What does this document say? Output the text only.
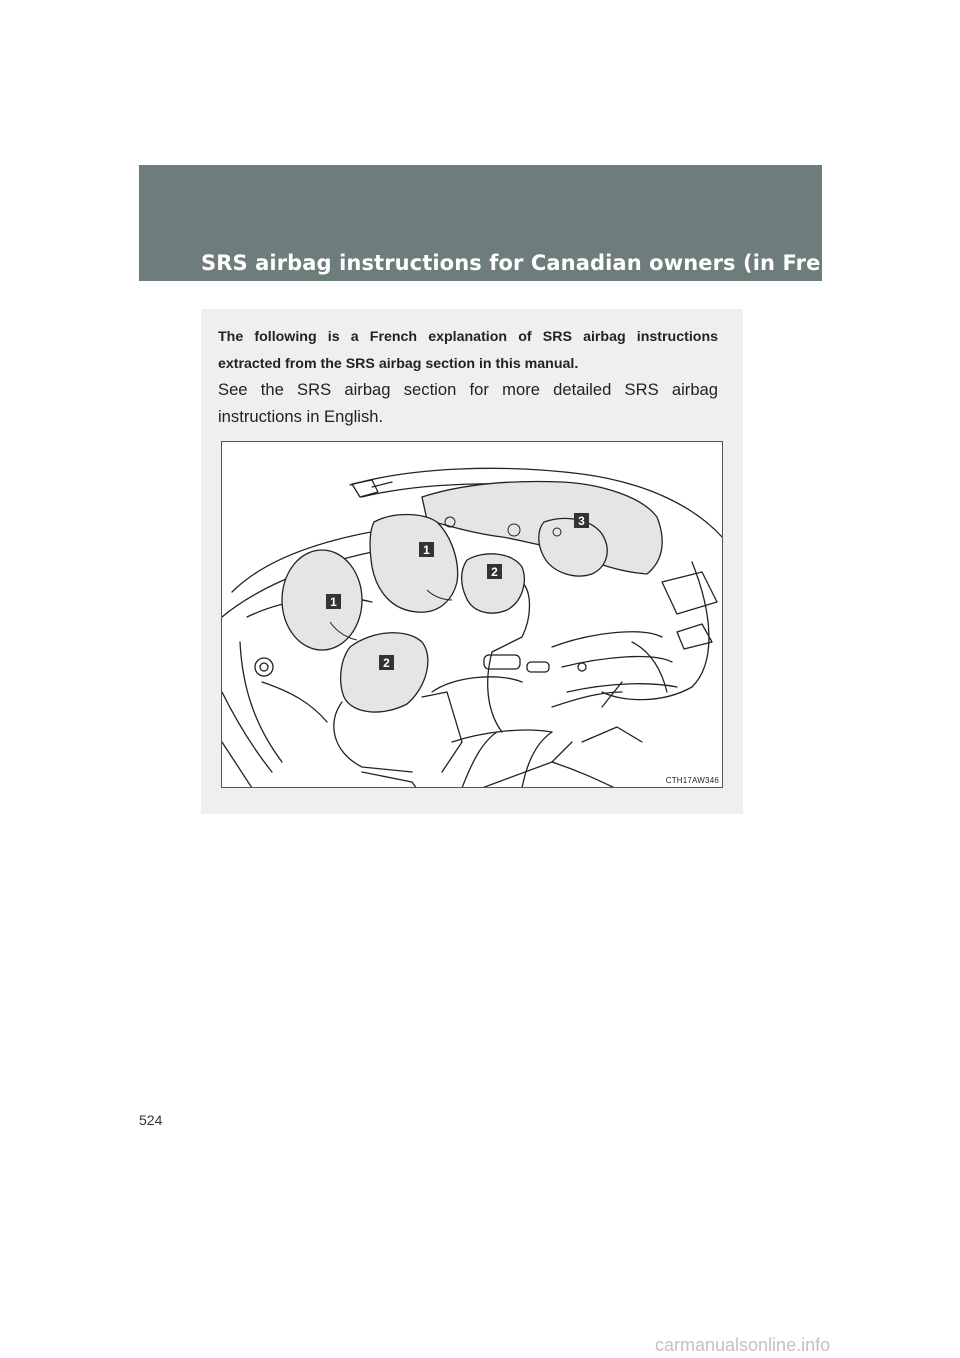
SRS airbag instructions for Canadian owners (in French)

The following is a French explanation of SRS airbag instructions extracted from the SRS airbag section in this manual.

See the SRS airbag section for more detailed SRS airbag instructions in English.

1
1
2
2
3
CTH17AW346
524
carmanualsonline.info
